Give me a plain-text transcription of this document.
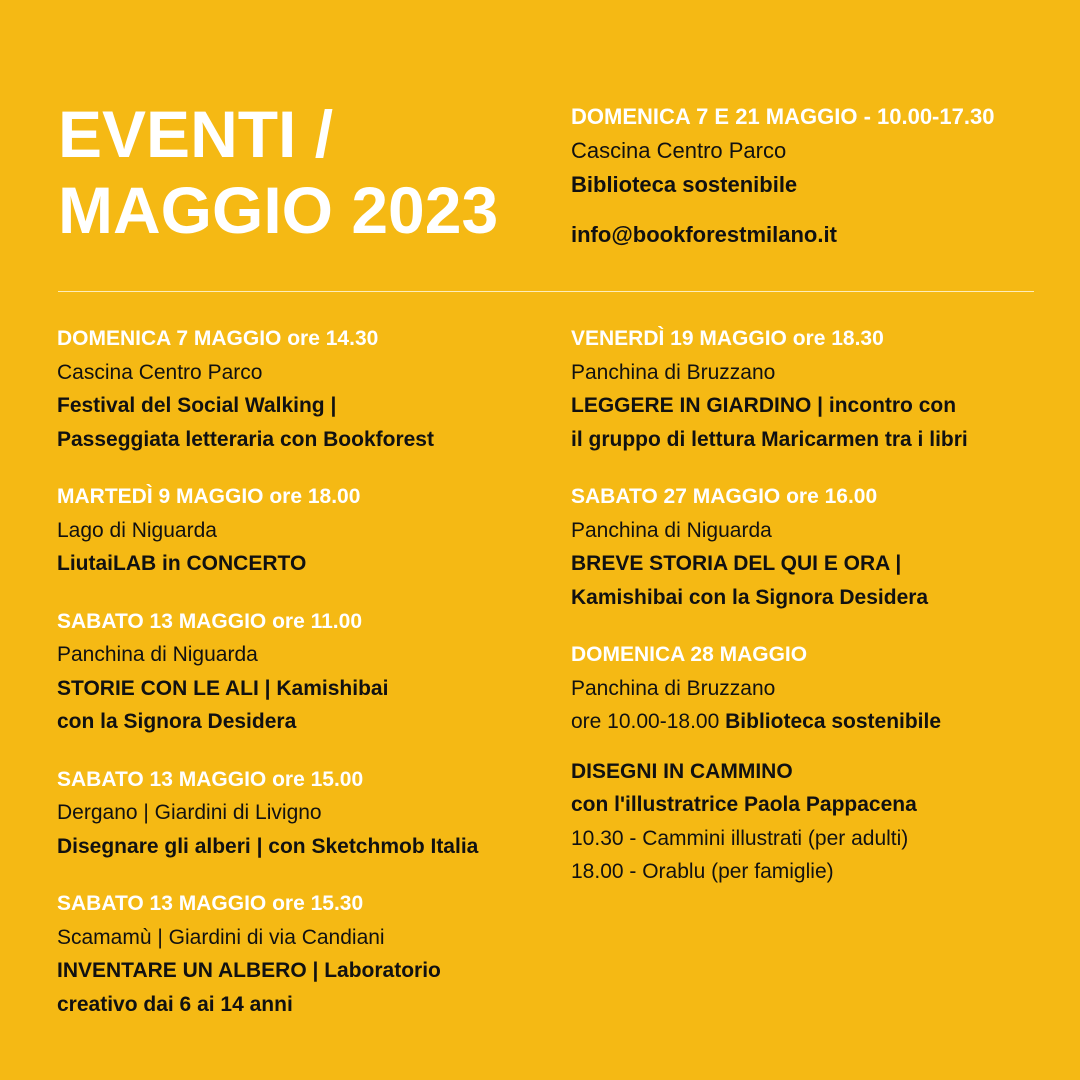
EVENTI /
MAGGIO 2023
DOMENICA 7 E 21 MAGGIO - 10.00-17.30
Cascina Centro Parco
Biblioteca sostenibile
info@bookforestmilano.it
DOMENICA 7 MAGGIO ore 14.30
Cascina Centro Parco
Festival del Social Walking |
Passeggiata letteraria con Bookforest
MARTEDÌ 9 MAGGIO ore 18.00
Lago di Niguarda
LiutaiLAB in CONCERTO
SABATO 13 MAGGIO ore 11.00
Panchina di Niguarda
STORIE CON LE ALI | Kamishibai
con la Signora Desidera
SABATO 13 MAGGIO ore 15.00
Dergano | Giardini di Livigno
Disegnare gli alberi | con Sketchmob Italia
SABATO 13 MAGGIO ore 15.30
Scamamù | Giardini di via Candiani
INVENTARE UN ALBERO | Laboratorio
creativo dai 6 ai 14 anni
VENERDÌ 19 MAGGIO ore 18.30
Panchina di Bruzzano
LEGGERE IN GIARDINO | incontro con
il gruppo di lettura Maricarmen tra i libri
SABATO 27 MAGGIO ore 16.00
Panchina di Niguarda
BREVE STORIA DEL QUI E ORA |
Kamishibai con la Signora Desidera
DOMENICA 28 MAGGIO
Panchina di Bruzzano
ore 10.00-18.00 Biblioteca sostenibile
DISEGNI IN CAMMINO
con l'illustratrice Paola Pappacena
10.30 - Cammini illustrati (per adulti)
18.00 - Orablu (per famiglie)
